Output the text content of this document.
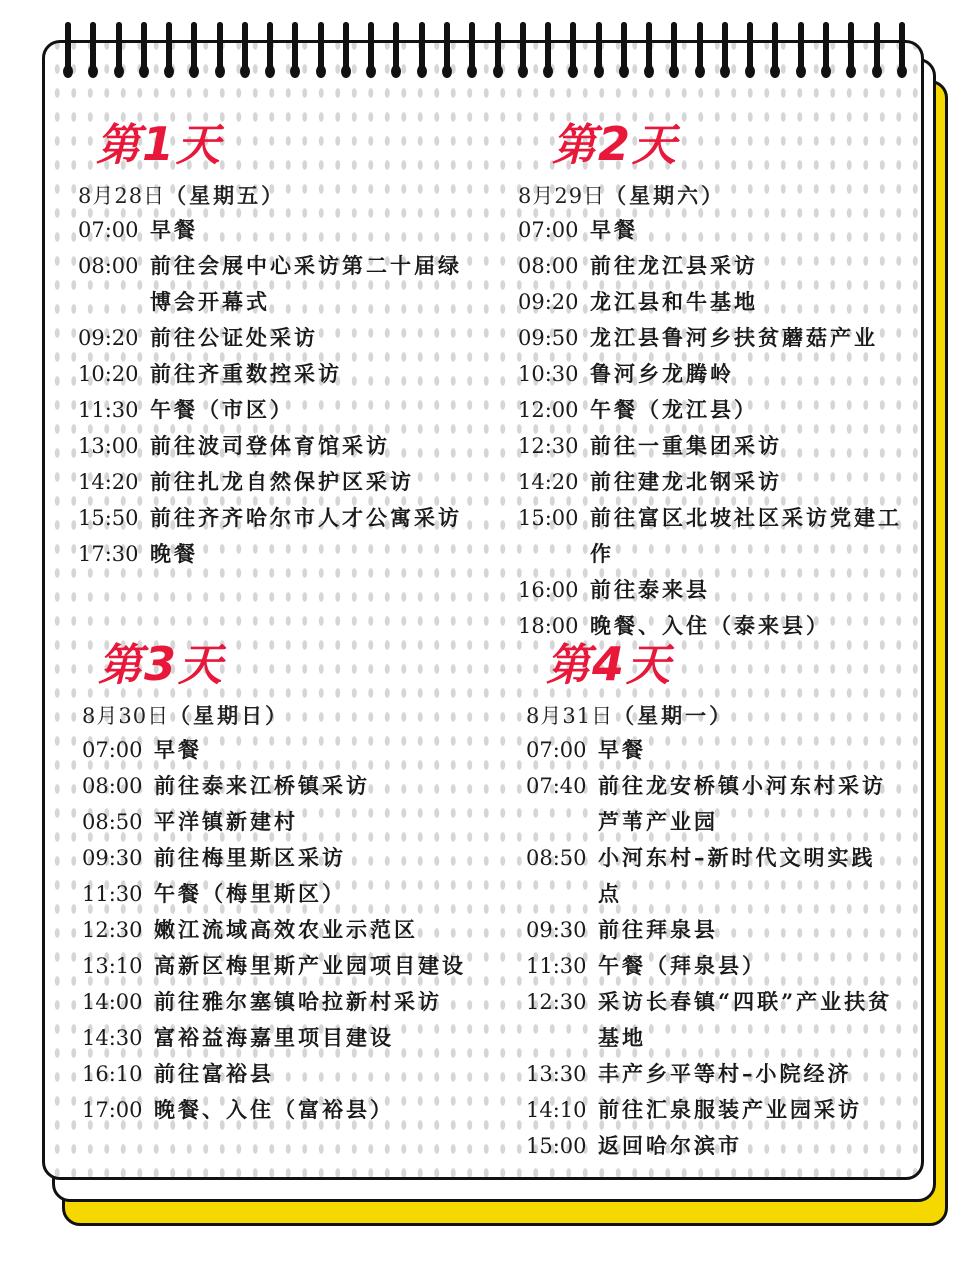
第1天
8月28日（星期五）
07:00 早餐
08:00 前往会展中心采访第二十届绿博会开幕式
09:20 前往公证处采访
10:20 前往齐重数控采访
11:30 午餐（市区）
13:00 前往波司登体育馆采访
14:20 前往扎龙自然保护区采访
15:50 前往齐齐哈尔市人才公寓采访
17:30 晚餐
第2天
8月29日（星期六）
07:00 早餐
08:00 前往龙江县采访
09:20 龙江县和牛基地
09:50 龙江县鲁河乡扶贫蘑菇产业
10:30 鲁河乡龙腾岭
12:00 午餐（龙江县）
12:30 前往一重集团采访
14:20 前往建龙北钢采访
15:00 前往富区北坡社区采访党建工作
16:00 前往泰来县
18:00 晚餐、入住（泰来县）
第3天
8月30日（星期日）
07:00 早餐
08:00 前往泰来江桥镇采访
08:50 平洋镇新建村
09:30 前往梅里斯区采访
11:30 午餐（梅里斯区）
12:30 嫩江流域高效农业示范区
13:10 高新区梅里斯产业园项目建设
14:00 前往雅尔塞镇哈拉新村采访
14:30 富裕益海嘉里项目建设
16:10 前往富裕县
17:00 晚餐、入住（富裕县）
第4天
8月31日（星期一）
07:00 早餐
07:40 前往龙安桥镇小河东村采访芦苇产业园
08:50 小河东村–新时代文明实践点
09:30 前往拜泉县
11:30 午餐（拜泉县）
12:30 采访长春镇“四联”产业扶贫基地
13:30 丰产乡平等村–小院经济
14:10 前往汇泉服装产业园采访
15:00 返回哈尔滨市
